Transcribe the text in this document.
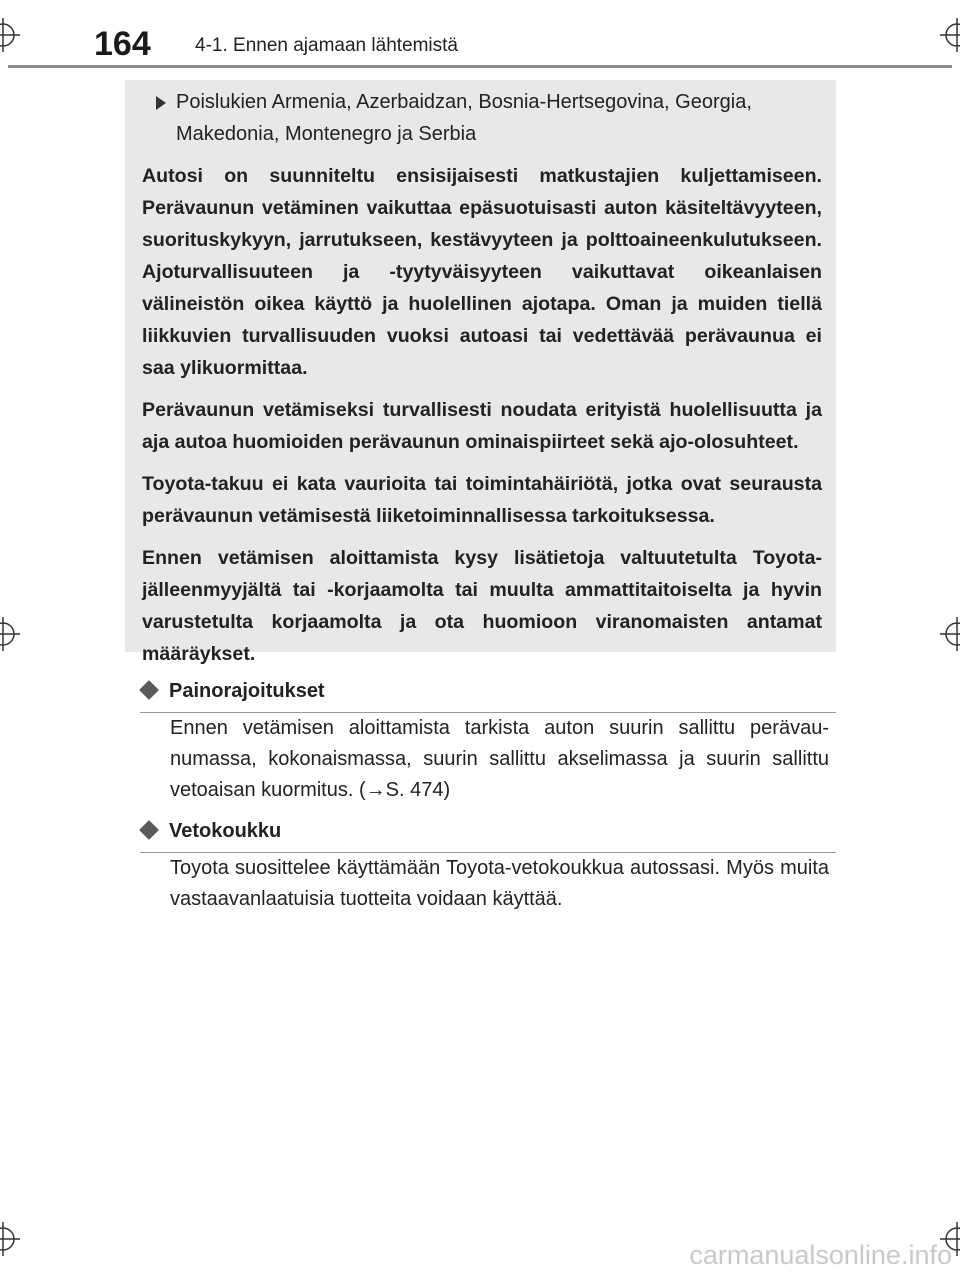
164 4-1. Ennen ajamaan lähtemistä
Poislukien Armenia, Azerbaidzan, Bosnia-Hertsegovina, Georgia, Makedonia, Montenegro ja Serbia

Autosi on suunniteltu ensisijaisesti matkustajien kuljettamiseen. Perävaunun vetäminen vaikuttaa epäsuotuisasti auton käsiteltävyyteen, suorituskykyyn, jarrutukseen, kestävyyteen ja polttoaineenkulutukseen. Ajoturvallisuuteen ja -tyytyväisyyteen vaikuttavat oikeanlaisen välineistön oikea käyttö ja huolellinen ajotapa. Oman ja muiden tiellä liikkuvien turvallisuuden vuoksi autoasi tai vedettävää perävaunua ei saa ylikuormittaa.

Perävaunun vetämiseksi turvallisesti noudata erityistä huolellisuutta ja aja autoa huomioiden perävaunun ominaispiirteet sekä ajo-olosuhteet.

Toyota-takuu ei kata vaurioita tai toimintahäiriötä, jotka ovat seurausta perävaunun vetämisestä liiketoiminnallisessa tarkoituksessa.

Ennen vetämisen aloittamista kysy lisätietoja valtuutetulta Toyota-jälleenmyyjältä tai -korjaamolta tai muulta ammattitaitoiselta ja hyvin varustetulta korjaamolta ja ota huomioon viranomaisten antamat määräykset.

Painorajoitukset

Ennen vetämisen aloittamista tarkista auton suurin sallittu perävaunumassa, kokonaismassa, suurin sallittu akselimassa ja suurin sallittu vetoaisan kuormitus. (→S. 474)

Vetokoukku

Toyota suosittelee käyttämään Toyota-vetokoukkua autossasi. Myös muita vastaavanlaatuisia tuotteita voidaan käyttää.

carmanualsonline.info
